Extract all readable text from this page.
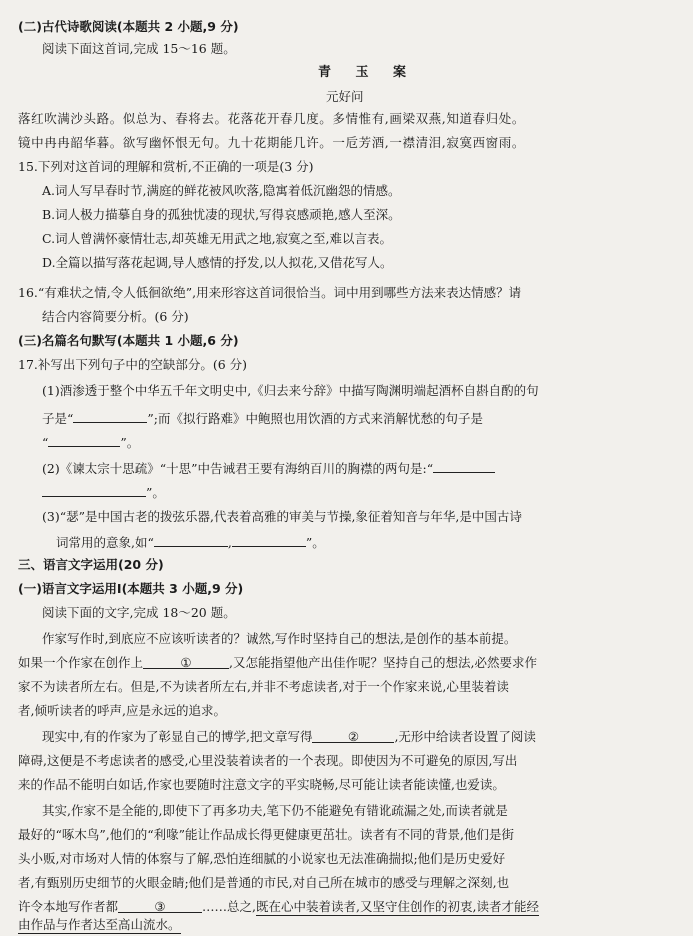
(二)古代诗歌阅读(本题共 2 小题,9 分)
阅读下面这首词,完成 15～16 题。
青 玉 案
元好问
落红吹满沙头路。似总为、春将去。花落花开春几度。多情惟有,画梁双燕,知道春归处。
镜中冉冉韶华暮。欲写幽怀恨无句。九十花期能几许。一卮芳酒,一襟清泪,寂寞西窗雨。
15.下列对这首词的理解和赏析,不正确的一项是(3 分)
A.词人写早春时节,满庭的鲜花被风吹落,隐寓着低沉幽怨的情感。
B.词人极力描摹自身的孤独忧凄的现状,写得哀感顽艳,感人至深。
C.词人曾满怀豪情壮志,却英雄无用武之地,寂寞之至,难以言表。
D.全篇以描写落花起调,导人感情的抒发,以人拟花,又借花写人。
16.“有难状之情,令人低徊欲绝”,用来形容这首词很恰当。词中用到哪些方法来表达情感？请
结合内容简要分析。(6 分)
(三)名篇名句默写(本题共 1 小题,6 分)
17.补写出下列句子中的空缺部分。(6 分)
(1)酒渗透于整个中华五千年文明史中,《归去来兮辞》中描写陶渊明端起酒杯自斟自酌的句
子是“	”;而《拟行路难》中鲍照也用饮酒的方式来消解忧愁的句子是
“	”。
(2)《谏太宗十思疏》“十思”中告诫君王要有海纳百川的胸襟的两句是:“
”。
(3)“瑟”是中国古老的拨弦乐器,代表着高雅的审美与节操,象征着知音与年华,是中国古诗
词常用的意象,如“	,	”。
三、语言文字运用(20 分)
(一)语言文字运用Ⅰ(本题共 3 小题,9 分)
阅读下面的文字,完成 18～20 题。
作家写作时,到底应不应该听读者的？诚然,写作时坚持自己的想法,是创作的基本前提。
如果一个作家在创作上	①	,又怎能指望他产出佳作呢？坚持自己的想法,必然要求作
家不为读者所左右。但是,不为读者所左右,并非不考虑读者,对于一个作家来说,心里装着读
者,倾听读者的呼声,应是永远的追求。
现实中,有的作家为了彰显自己的博学,把文章写得	②	,无形中给读者设置了阅读
障碍,这便是不考虑读者的感受,心里没装着读者的一个表现。即使因为不可避免的原因,写出
来的作品不能明白如话,作家也要随时注意文字的平实晓畅,尽可能让读者能读懂,也爱读。
其实,作家不是全能的,即使下了再多功夫,笔下仍不能避免有错讹疏漏之处,而读者就是
最好的“啄木鸟”,他们的“利喙”能让作品成长得更健康更茁壮。读者有不同的背景,他们是街
头小贩,对市场对人情的体察与了解,恐怕连细腻的小说家也无法准确揣拟;他们是历史爱好
者,有甄别历史细节的火眼金睛;他们是普通的市民,对自己所在城市的感受与理解之深刻,也
许令本地写作者都	③	……总之,既在心中装着读者,又坚守住创作的初衷,读者才能经
由作品与作者达至高山流水。
